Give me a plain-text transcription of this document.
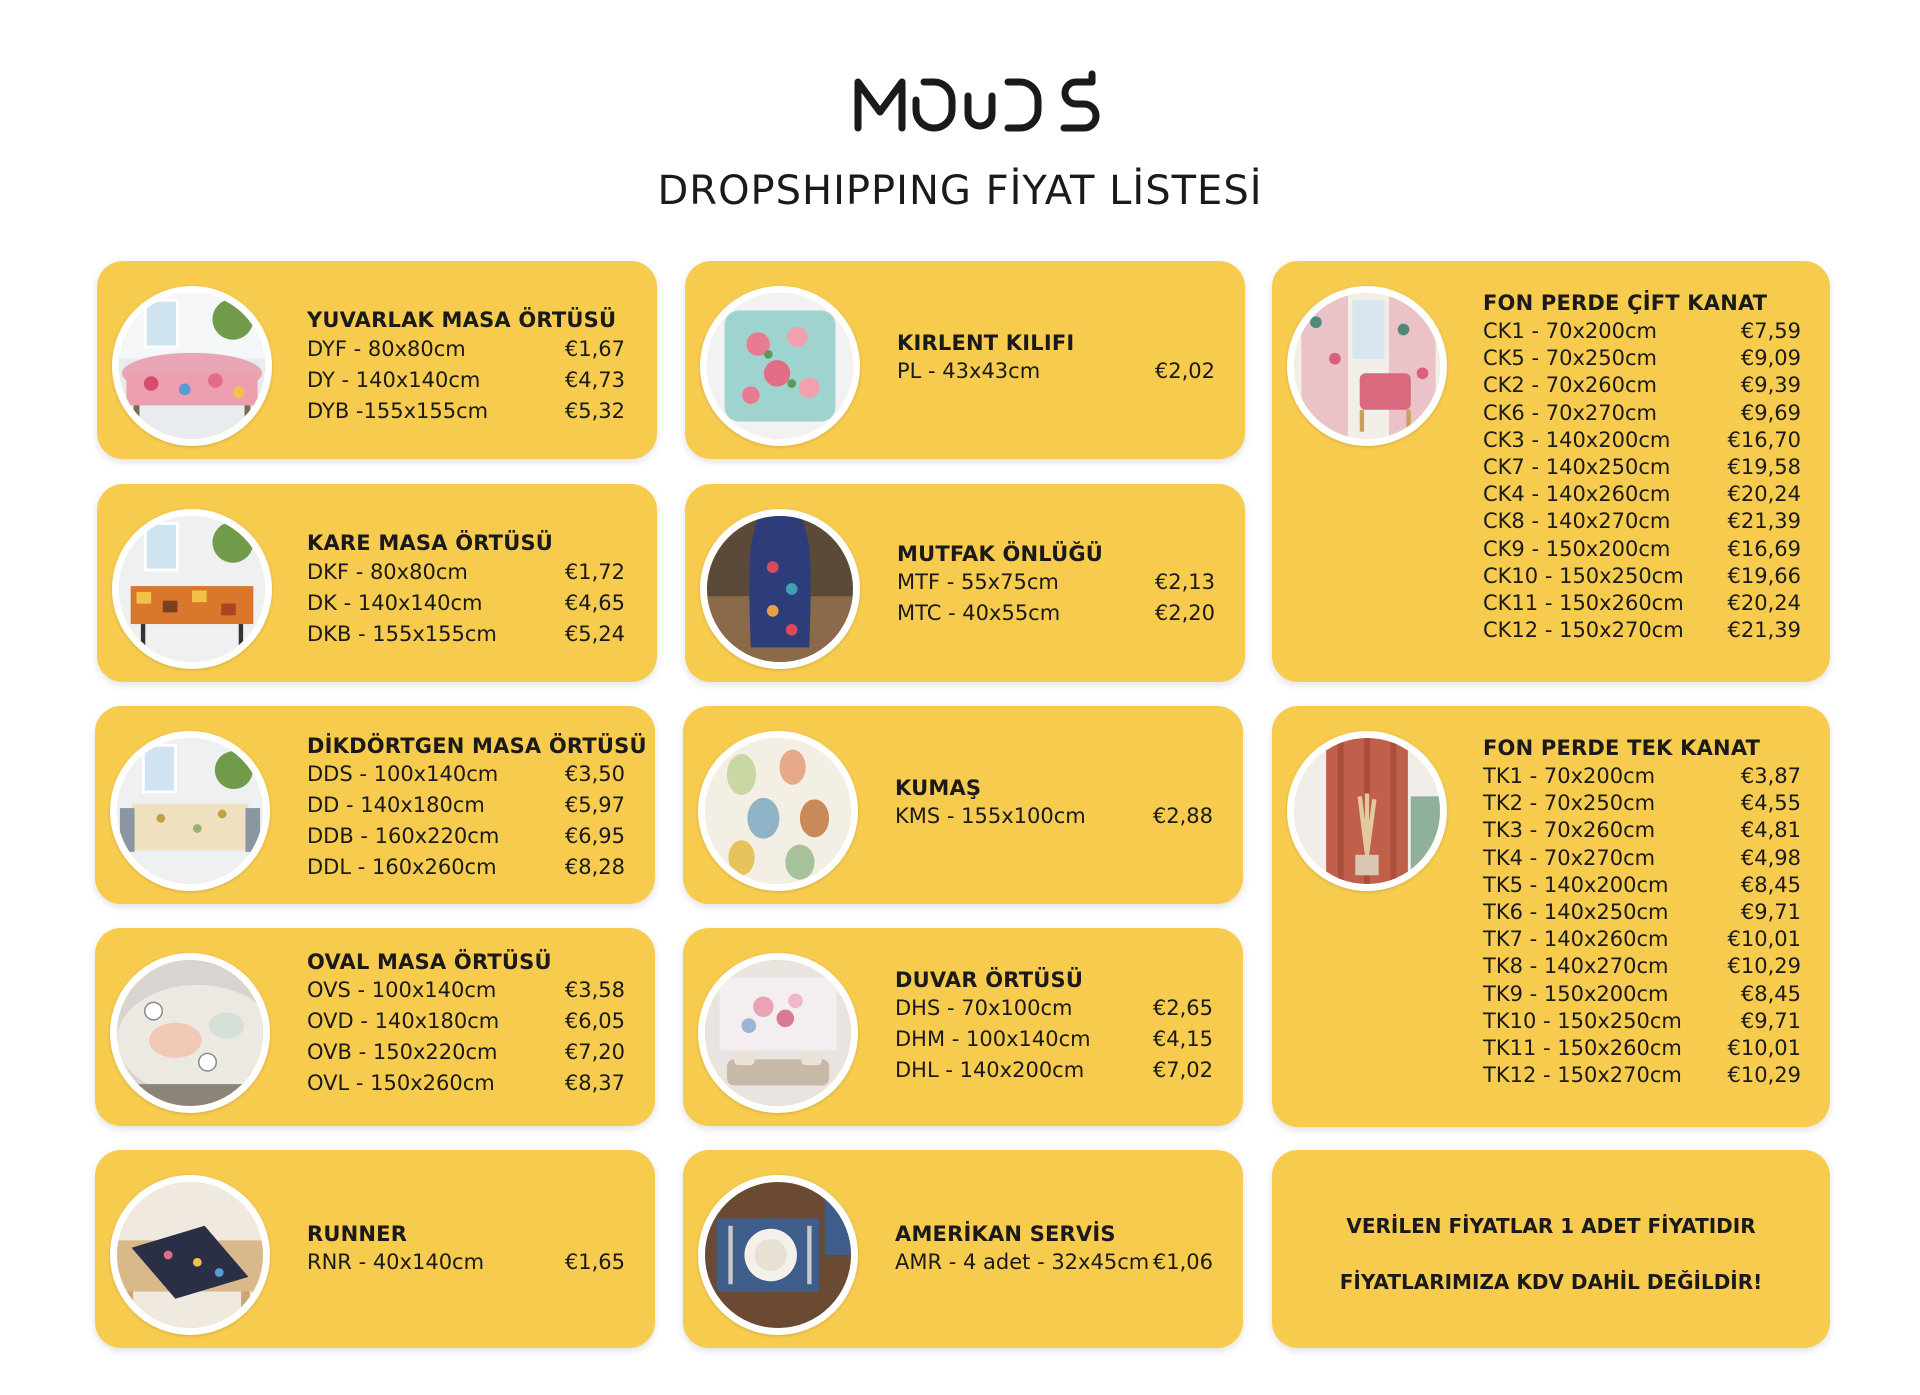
DROPSHIPPING FİYAT LİSTESİ
YUVARLAK MASA ÖRTÜSÜ
DYF - 80x80cm	€1,67
DY - 140x140cm	€4,73
DYB -155x155cm	€5,32
KARE MASA ÖRTÜSÜ
DKF - 80x80cm	€1,72
DK - 140x140cm	€4,65
DKB - 155x155cm	€5,24
DİKDÖRTGEN MASA ÖRTÜSÜ
DDS - 100x140cm	€3,50
DD - 140x180cm	€5,97
DDB - 160x220cm	€6,95
DDL - 160x260cm	€8,28
OVAL MASA ÖRTÜSÜ
OVS - 100x140cm	€3,58
OVD - 140x180cm	€6,05
OVB - 150x220cm	€7,20
OVL - 150x260cm	€8,37
RUNNER
RNR - 40x140cm	€1,65
KIRLENT KILIFI
PL - 43x43cm	€2,02
MUTFAK ÖNLÜĞÜ
MTF - 55x75cm	€2,13
MTC - 40x55cm	€2,20
KUMAŞ
KMS - 155x100cm	€2,88
DUVAR ÖRTÜSÜ
DHS - 70x100cm	€2,65
DHM - 100x140cm	€4,15
DHL - 140x200cm	€7,02
AMERİKAN SERVİS
AMR - 4 adet - 32x45cm €1,06
FON PERDE ÇİFT KANAT
CK1 - 70x200cm	€7,59
CK5 - 70x250cm	€9,09
CK2 - 70x260cm	€9,39
CK6 - 70x270cm	€9,69
CK3 - 140x200cm	€16,70
CK7 - 140x250cm	€19,58
CK4 - 140x260cm	€20,24
CK8 - 140x270cm	€21,39
CK9 - 150x200cm	€16,69
CK10 - 150x250cm €19,66
CK11 - 150x260cm €20,24
CK12 - 150x270cm €21,39
FON PERDE TEK KANAT
TK1 - 70x200cm	€3,87
TK2 - 70x250cm	€4,55
TK3 - 70x260cm	€4,81
TK4 - 70x270cm	€4,98
TK5 - 140x200cm	€8,45
TK6 - 140x250cm	€9,71
TK7 - 140x260cm	€10,01
TK8 - 140x270cm	€10,29
TK9 - 150x200cm	€8,45
TK10 - 150x250cm	€9,71
TK11 - 150x260cm €10,01
TK12 - 150x270cm €10,29
VERİLEN FİYATLAR 1 ADET FİYATIDIR
FİYATLARIMIZA KDV DAHİL DEĞİLDİR!
